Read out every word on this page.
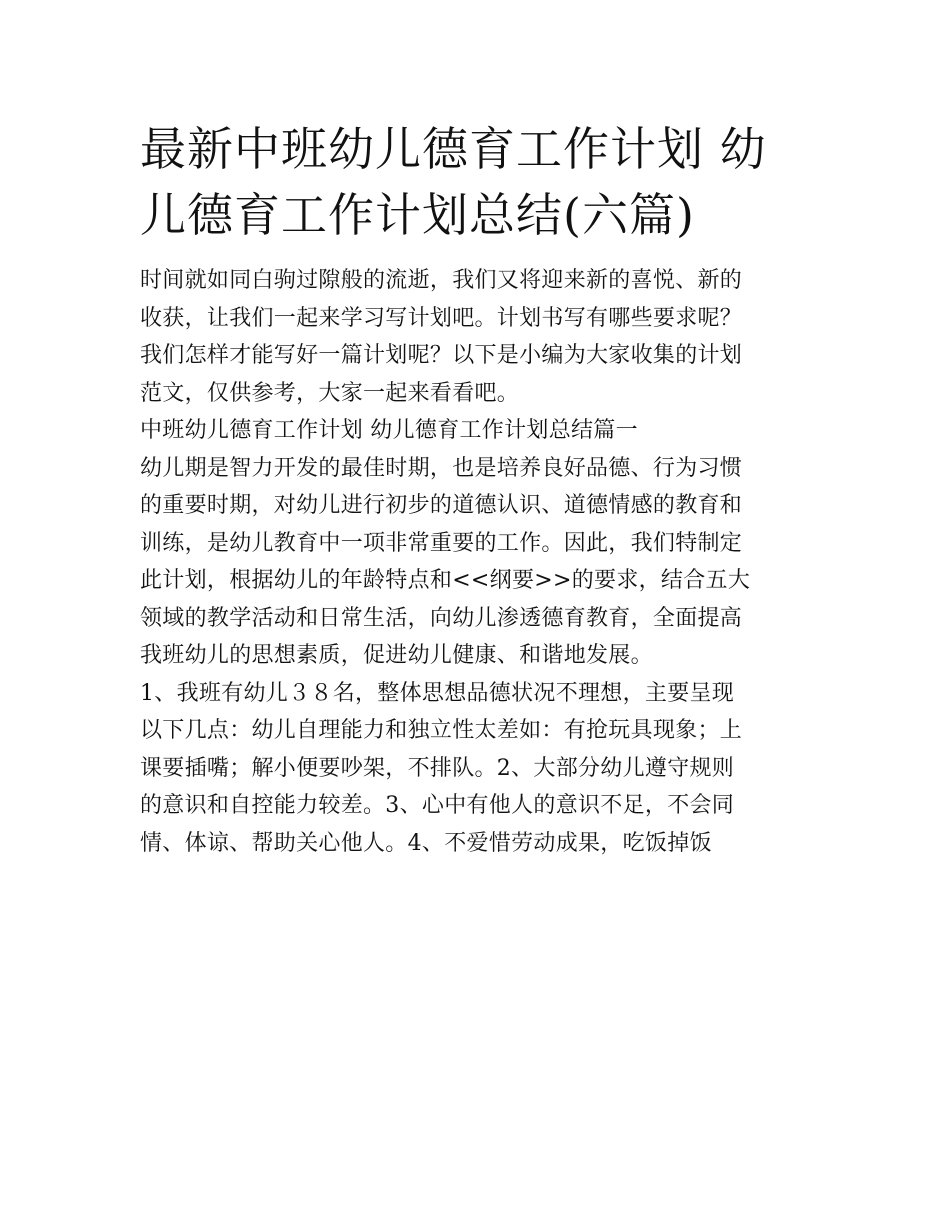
最新中班幼儿德育工作计划 幼
儿德育工作计划总结(六篇)

时间就如同白驹过隙般的流逝，我们又将迎来新的喜悦、新的
收获，让我们一起来学习写计划吧。计划书写有哪些要求呢？
我们怎样才能写好一篇计划呢？以下是小编为大家收集的计划
范文，仅供参考，大家一起来看看吧。

中班幼儿德育工作计划 幼儿德育工作计划总结篇一

幼儿期是智力开发的最佳时期，也是培养良好品德、行为习惯
的重要时期，对幼儿进行初步的道德认识、道德情感的教育和
训练，是幼儿教育中一项非常重要的工作。因此，我们特制定
此计划，根据幼儿的年龄特点和<<纲要>>的要求，结合五大
领域的教学活动和日常生活，向幼儿渗透德育教育，全面提高
我班幼儿的思想素质，促进幼儿健康、和谐地发展。

1、我班有幼儿３８名，整体思想品德状况不理想，主要呈现
以下几点：幼儿自理能力和独立性太差如：有抢玩具现象；上
课要插嘴；解小便要吵架，不排队。2、大部分幼儿遵守规则
的意识和自控能力较差。3、心中有他人的意识不足，不会同
情、体谅、帮助关心他人。4、不爱惜劳动成果，吃饭掉饭
